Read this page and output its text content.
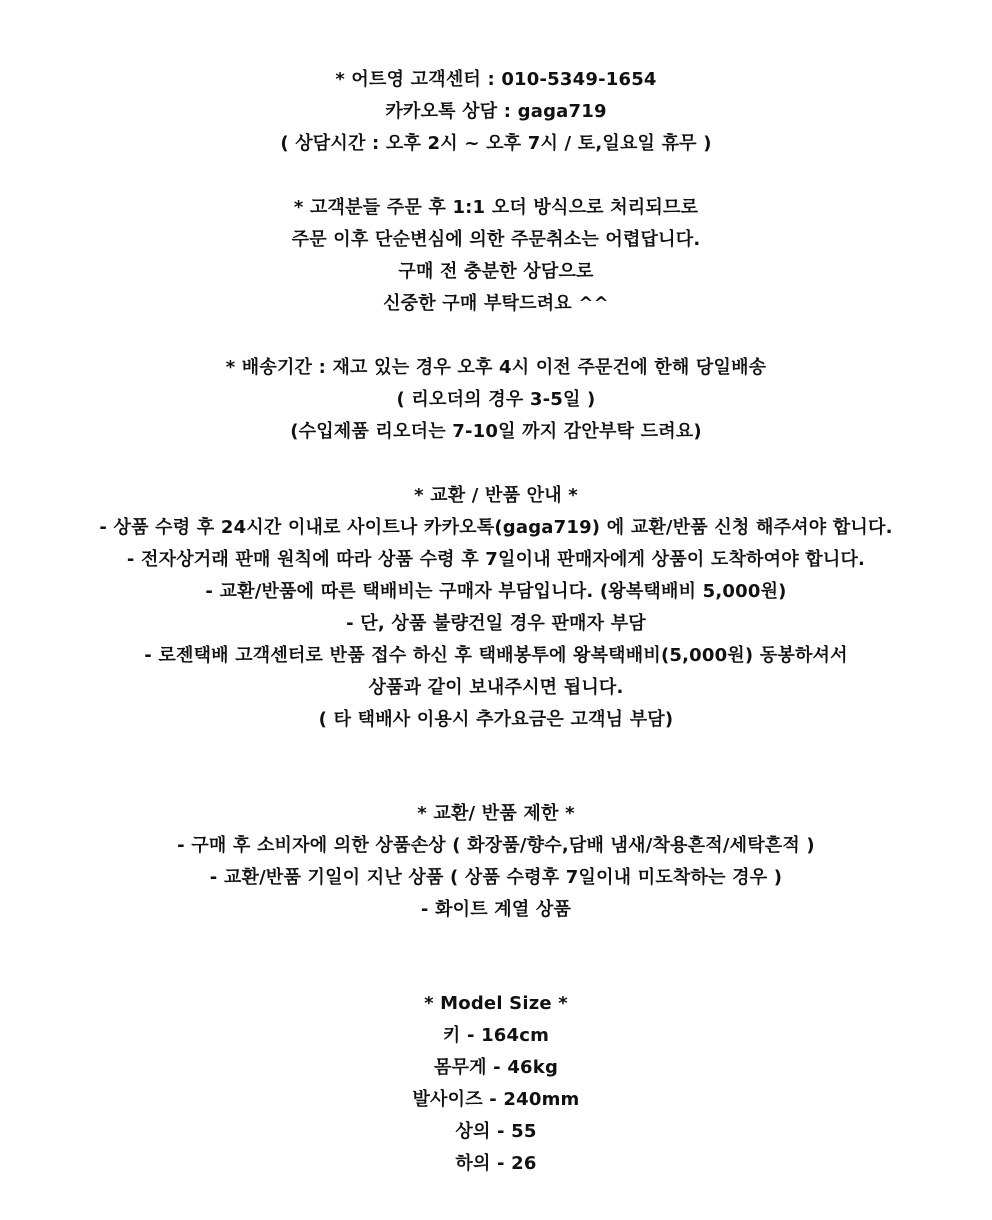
* 어트영 고객센터 : 010-5349-1654
카카오톡 상담 : gaga719
( 상담시간 : 오후 2시 ~ 오후 7시 / 토,일요일 휴무 )
* 고객분들 주문 후 1:1 오더 방식으로 처리되므로
주문 이후 단순변심에 의한 주문취소는 어렵답니다.
구매 전 충분한 상담으로
신중한 구매 부탁드려요 ^^
* 배송기간 : 재고 있는 경우 오후 4시 이전 주문건에 한해 당일배송
( 리오더의 경우 3-5일 )
(수입제품 리오더는 7-10일 까지 감안부탁 드려요)
* 교환 / 반품 안내 *
- 상품 수령 후 24시간 이내로 사이트나 카카오톡(gaga719) 에 교환/반품 신청 해주셔야 합니다.
- 전자상거래 판매 원칙에 따라 상품 수령 후 7일이내 판매자에게 상품이 도착하여야 합니다.
- 교환/반품에 따른 택배비는 구매자 부담입니다. (왕복택배비 5,000원)
- 단, 상품 불량건일 경우 판매자 부담
- 로젠택배 고객센터로 반품 접수 하신 후 택배봉투에 왕복택배비(5,000원) 동봉하셔서
상품과 같이 보내주시면 됩니다.
( 타 택배사 이용시 추가요금은 고객님 부담)
* 교환/ 반품 제한 *
- 구매 후 소비자에 의한 상품손상 ( 화장품/향수,담배 냄새/착용흔적/세탁흔적 )
- 교환/반품 기일이 지난 상품 ( 상품 수령후 7일이내 미도착하는 경우 )
- 화이트 계열 상품
* Model Size *
키 - 164cm
몸무게 - 46kg
발사이즈 - 240mm
상의 - 55
하의 - 26
